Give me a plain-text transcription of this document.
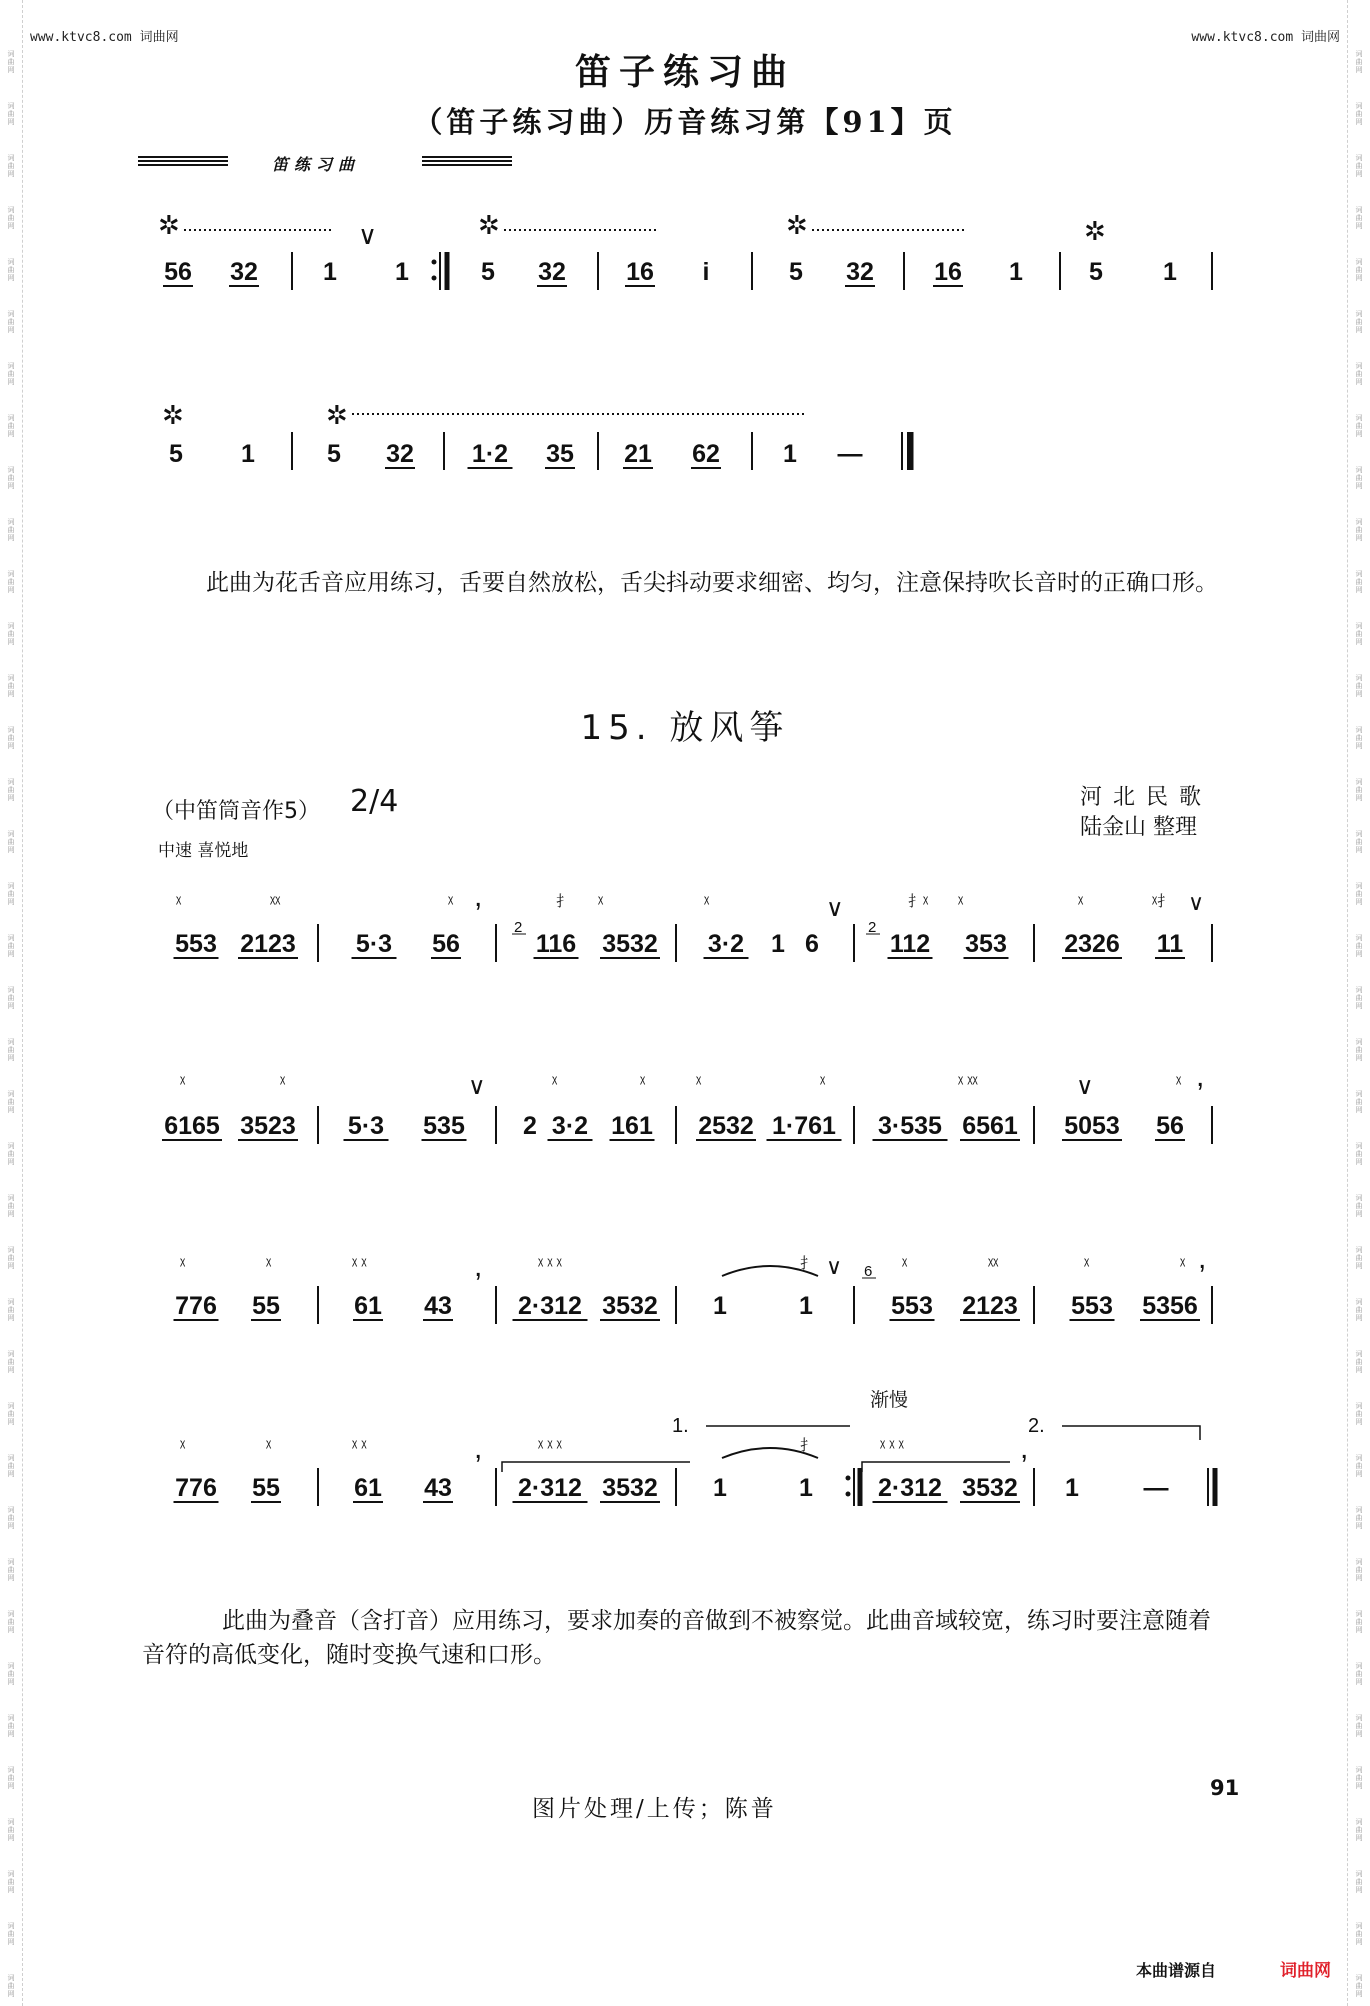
词
曲
网
词
曲
网
词
曲
网
词
曲
网
词
曲
网
词
曲
网
词
曲
网
词
曲
网
词
曲
网
词
曲
网
词
曲
网
词
曲
网
词
曲
网
词
曲
网
词
曲
网
词
曲
网
词
曲
网
词
曲
网
词
曲
网
词
曲
网
词
曲
网
词
曲
网
词
曲
网
词
曲
网
词
曲
网
词
曲
网
词
曲
网
词
曲
网
词
曲
网
词
曲
网
词
曲
网
词
曲
网
词
曲
网
词
曲
网
词
曲
网
词
曲
网
词
曲
网
词
曲
网
词
曲
网
词
曲
网
词
曲
网
词
曲
网
词
曲
网
词
曲
网
词
曲
网
词
曲
网
词
曲
网
词
曲
网
词
曲
网
词
曲
网
词
曲
网
词
曲
网
词
曲
网
词
曲
网
词
曲
网
词
曲
网
词
曲
网
词
曲
网
词
曲
网
词
曲
网
词
曲
网
词
曲
网
词
曲
网
词
曲
网
词
曲
网
词
曲
网
词
曲
网
词
曲
网
词
曲
网
词
曲
网
词
曲
网
词
曲
网
词
曲
网
词
曲
网
词
曲
网
词
曲
网
www.ktvc8.com 词曲网	www.ktvc8.com 词曲网
笛子练习曲
（笛子练习曲）历音练习第【91】页
笛练习曲
✲	∨	✲	✲	✲
56 32	1 1	5 32 16 i	5 32 16 1	5 1
✲	✲
5 1	5 32 1·2 35 21 62	1 —
此曲为花舌音应用练习，舌要自然放松，舌尖抖动要求细密、均匀，注意保持吹长音时的正确口形。
15. 放风筝
（中笛筒音作5） 2/4
中速 喜悦地
河 北 民 歌
陆金山 整理
ᵡ	ᵡᵡ	ᵡ ,	扌 ᵡ	ᵡ	∨	扌ᵡ ᵡ	ᵡ	ᵡ扌 ∨
2	2
553 2123 5·3 56	116 3532 3·2 1 6	112 353 2326 11
ᵡ	ᵡ	∨	ᵡ	ᵡ	ᵡ	ᵡ	ᵡ ᵡᵡ	∨	ᵡ ,
6165 3523 5·3 535 2 3·2 161 2532 1·761 3·535 6561 5053 56
ᵡ	ᵡ	ᵡ ᵡ	,	ᵡ ᵡ ᵡ	扌 ∨	ᵡ	ᵡᵡ	ᵡ	ᵡ ,
6
776 55	61 43	2·312 3532 1	1	553 2123 553 5356
渐慢
1.	2.
ᵡ	ᵡ	ᵡ ᵡ	,	ᵡ ᵡ ᵡ	扌	ᵡ ᵡ ᵡ	,
776 55	61 43	2·312 3532 1	1	2·312 3532 1	—
此曲为叠音（含打音）应用练习，要求加奏的音做到不被察觉。此曲音域较宽，练习时要注意随着音符的高低变化，随时变换气速和口形。
图片处理/上传；陈普
91
本曲谱源自	词曲网
